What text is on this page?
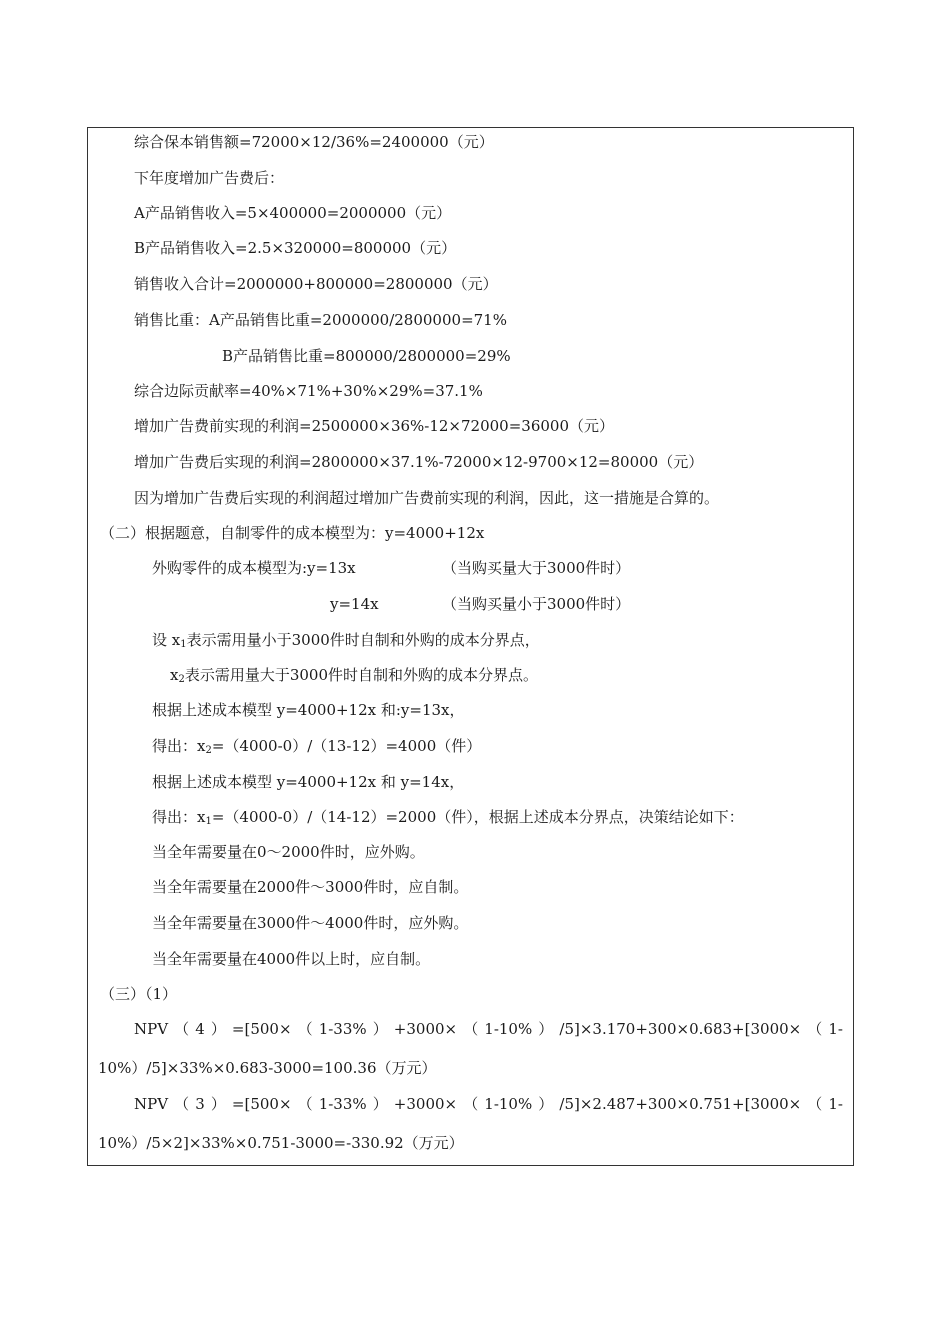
综合保本销售额=72000×12/36%=2400000（元）
下年度增加广告费后：
A产品销售收入=5×400000=2000000（元）
B产品销售收入=2.5×320000=800000（元）
销售收入合计=2000000+800000=2800000（元）
销售比重：A产品销售比重=2000000/2800000=71%
B产品销售比重=800000/2800000=29%
综合边际贡献率=40%×71%+30%×29%=37.1%
增加广告费前实现的利润=2500000×36%-12×72000=36000（元）
增加广告费后实现的利润=2800000×37.1%-72000×12-9700×12=80000（元）
因为增加广告费后实现的利润超过增加广告费前实现的利润，因此，这一措施是合算的。
（二）根据题意，自制零件的成本模型为：y=4000+12x
外购零件的成本模型为:y=13x	（当购买量大于3000件时）
y=14x	（当购买量小于3000件时）
设 $x_1$表示需用量小于3000件时自制和外购的成本分界点，
$x_2$表示需用量大于3000件时自制和外购的成本分界点。
根据上述成本模型 y=4000+12x 和:y=13x，
得出：$x_2=(4000-0)/(13-12)=4000$（件）
根据上述成本模型 y=4000+12x 和 y=14x，
得出：$x_1=(4000-0)/(14-12)=2000$（件），根据上述成本分界点，决策结论如下：
当全年需要量在0～2000件时，应外购。
当全年需要量在2000件～3000件时，应自制。
当全年需要量在3000件～4000件时，应外购。
当全年需要量在4000件以上时，应自制。
（三）（1）
NPV（4）=[500×（1-33%）+3000×（1-10%）/5]×3.170+300×0.683+[3000×（1-
10%）/5]×33%×0.683-3000=100.36（万元）
NPV（3）=[500×（1-33%）+3000×（1-10%）/5]×2.487+300×0.751+[3000×（1-
10%）/5×2]×33%×0.751-3000=-330.92（万元）
